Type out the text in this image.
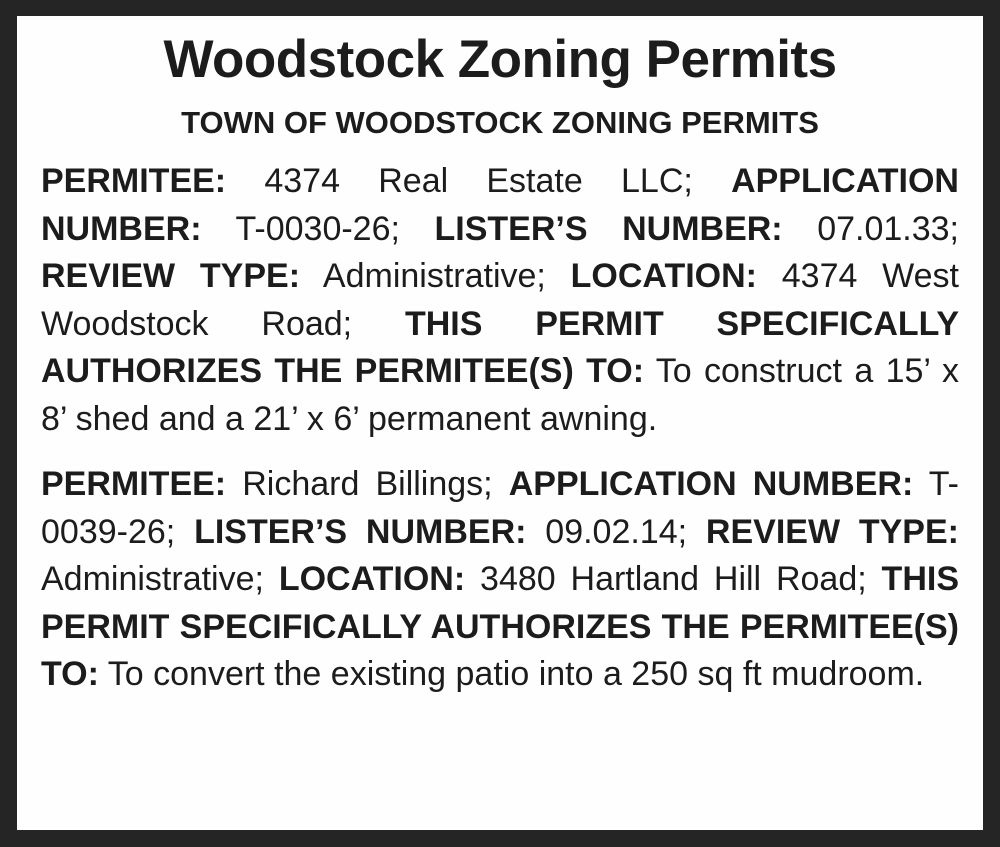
Woodstock Zoning Permits
TOWN OF WOODSTOCK ZONING PERMITS

PERMITEE: 4374 Real Estate LLC; APPLICATION NUMBER: T-0030-26; LISTER’S NUMBER: 07.01.33; REVIEW TYPE: Administrative; LOCATION: 4374 West Woodstock Road; THIS PERMIT SPECIFICALLY AUTHORIZES THE PERMITEE(S) TO: To construct a 15’ x 8’ shed and a 21’ x 6’ permanent awning.

PERMITEE: Richard Billings; APPLICATION NUMBER: T-0039-26; LISTER’S NUMBER: 09.02.14; REVIEW TYPE: Administrative; LOCATION: 3480 Hartland Hill Road; THIS PERMIT SPECIFICALLY AUTHORIZES THE PERMITEE(S) TO: To convert the existing patio into a 250 sq ft mudroom.
